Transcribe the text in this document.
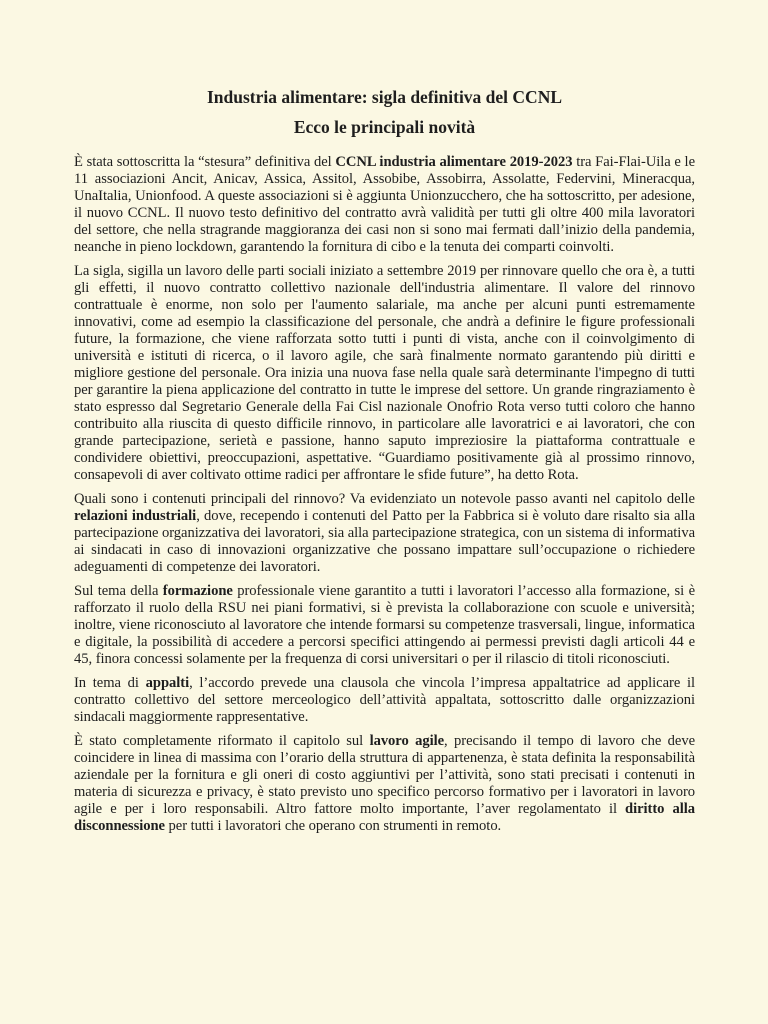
Industria alimentare: sigla definitiva del CCNL
Ecco le principali novità

È stata sottoscritta la “stesura” definitiva del CCNL industria alimentare 2019-2023 tra Fai-Flai-Uila e le 11 associazioni Ancit, Anicav, Assica, Assitol, Assobibe, Assobirra, Assolatte, Federvini, Mineracqua, UnaItalia, Unionfood. A queste associazioni si è aggiunta Unionzucchero, che ha sottoscritto, per adesione, il nuovo CCNL. Il nuovo testo definitivo del contratto avrà validità per tutti gli oltre 400 mila lavoratori del settore, che nella stragrande maggioranza dei casi non si sono mai fermati dall’inizio della pandemia, neanche in pieno lockdown, garantendo la fornitura di cibo e la tenuta dei comparti coinvolti.

La sigla, sigilla un lavoro delle parti sociali iniziato a settembre 2019 per rinnovare quello che ora è, a tutti gli effetti, il nuovo contratto collettivo nazionale dell'industria alimentare. Il valore del rinnovo contrattuale è enorme, non solo per l'aumento salariale, ma anche per alcuni punti estremamente innovativi, come ad esempio la classificazione del personale, che andrà a definire le figure professionali future, la formazione, che viene rafforzata sotto tutti i punti di vista, anche con il coinvolgimento di università e istituti di ricerca, o il lavoro agile, che sarà finalmente normato garantendo più diritti e migliore gestione del personale. Ora inizia una nuova fase nella quale sarà determinante l'impegno di tutti per garantire la piena applicazione del contratto in tutte le imprese del settore. Un grande ringraziamento è stato espresso dal Segretario Generale della Fai Cisl nazionale Onofrio Rota verso tutti coloro che hanno contribuito alla riuscita di questo difficile rinnovo, in particolare alle lavoratrici e ai lavoratori, che con grande partecipazione, serietà e passione, hanno saputo impreziosire la piattaforma contrattuale e condividere obiettivi, preoccupazioni, aspettative. “Guardiamo positivamente già al prossimo rinnovo, consapevoli di aver coltivato ottime radici per affrontare le sfide future”, ha detto Rota.

Quali sono i contenuti principali del rinnovo? Va evidenziato un notevole passo avanti nel capitolo delle relazioni industriali, dove, recependo i contenuti del Patto per la Fabbrica si è voluto dare risalto sia alla partecipazione organizzativa dei lavoratori, sia alla partecipazione strategica, con un sistema di informativa ai sindacati in caso di innovazioni organizzative che possano impattare sull’occupazione o richiedere adeguamenti di competenze dei lavoratori.

Sul tema della formazione professionale viene garantito a tutti i lavoratori l’accesso alla formazione, si è rafforzato il ruolo della RSU nei piani formativi, si è prevista la collaborazione con scuole e università; inoltre, viene riconosciuto al lavoratore che intende formarsi su competenze trasversali, lingue, informatica e digitale, la possibilità di accedere a percorsi specifici attingendo ai permessi previsti dagli articoli 44 e 45, finora concessi solamente per la frequenza di corsi universitari o per il rilascio di titoli riconosciuti.

In tema di appalti, l’accordo prevede una clausola che vincola l’impresa appaltatrice ad applicare il contratto collettivo del settore merceologico dell’attività appaltata, sottoscritto dalle organizzazioni sindacali maggiormente rappresentative.

È stato completamente riformato il capitolo sul lavoro agile, precisando il tempo di lavoro che deve coincidere in linea di massima con l’orario della struttura di appartenenza, è stata definita la responsabilità aziendale per la fornitura e gli oneri di costo aggiuntivi per l’attività, sono stati precisati i contenuti in materia di sicurezza e privacy, è stato previsto uno specifico percorso formativo per i lavoratori in lavoro agile e per i loro responsabili. Altro fattore molto importante, l’aver regolamentato il diritto alla disconnessione per tutti i lavoratori che operano con strumenti in remoto.
